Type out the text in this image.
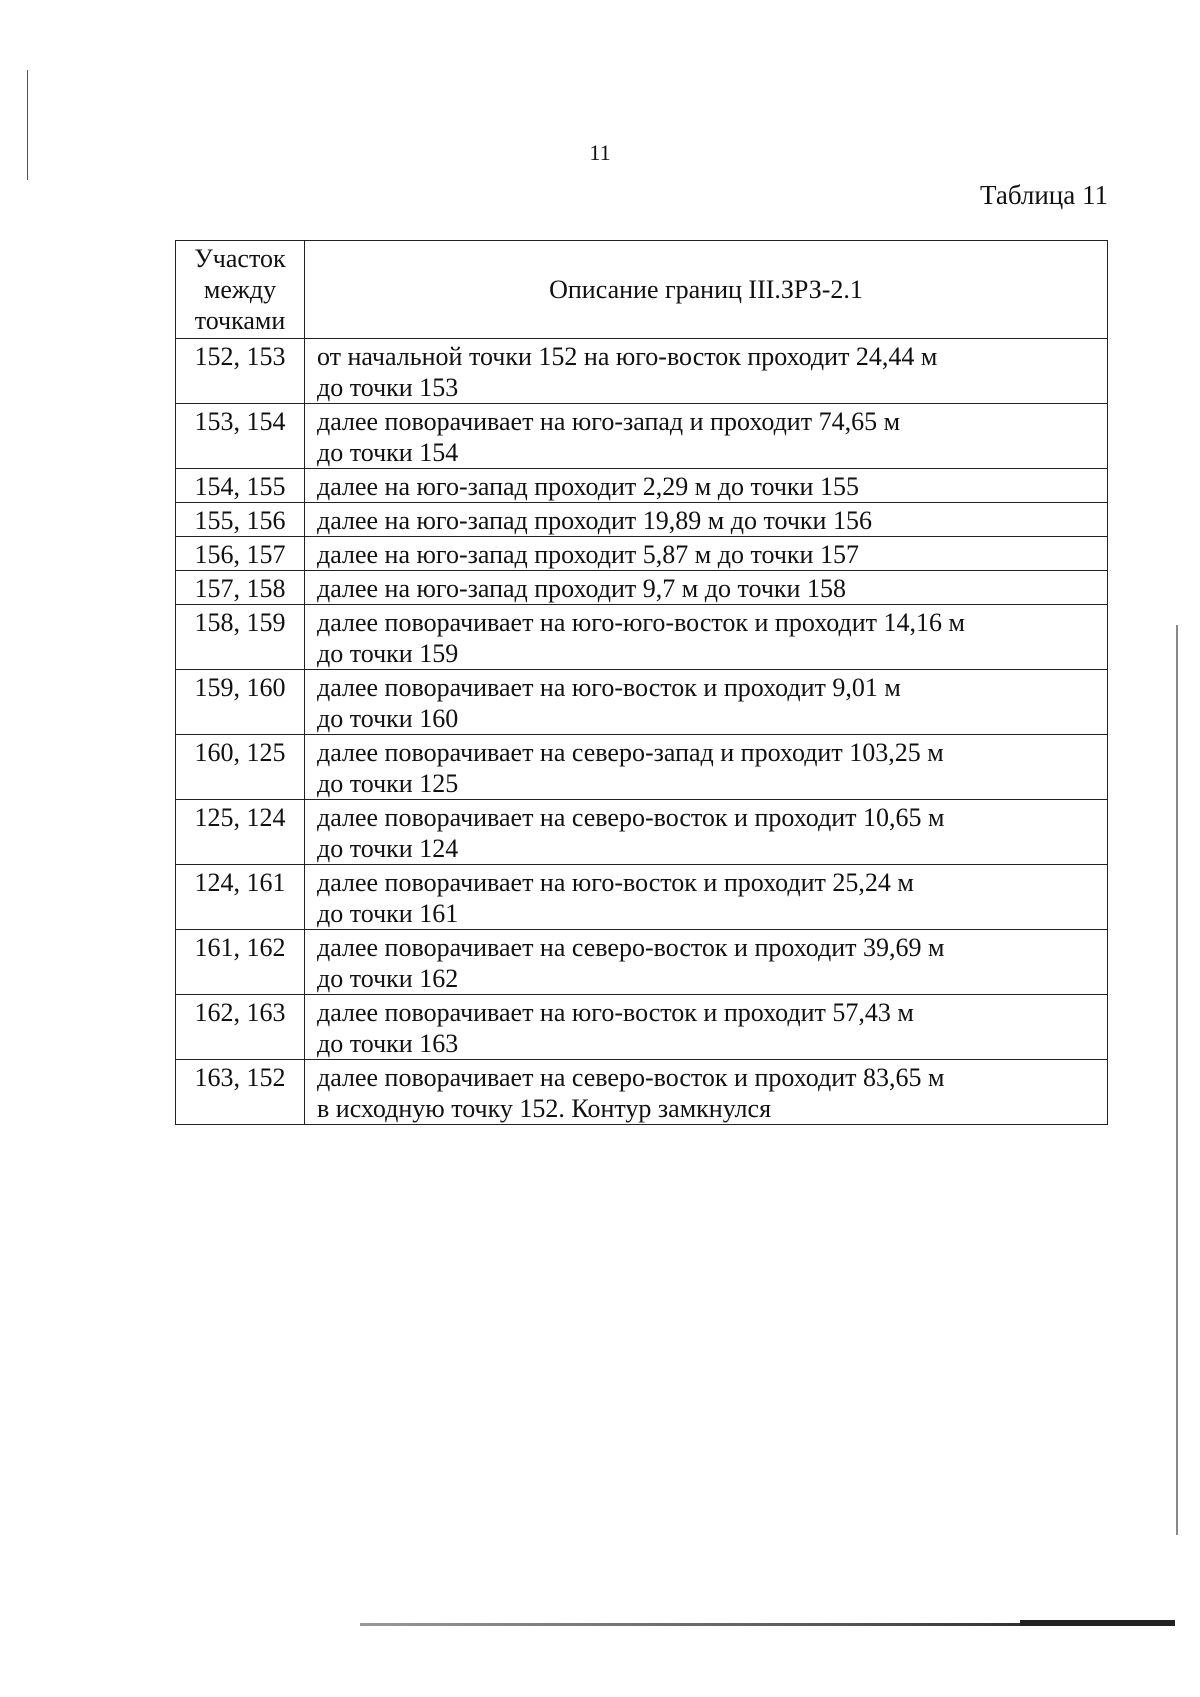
11
Таблица 11
Участок
между
точками	Описание границ III.ЗРЗ-2.1
152, 153	от начальной точки 152 на юго-восток проходит 24,44 м
до точки 153

153, 154	далее поворачивает на юго-запад и проходит 74,65 м
до точки 154

154, 155	далее на юго-запад проходит 2,29 м до точки 155

155, 156	далее на юго-запад проходит 19,89 м до точки 156

156, 157	далее на юго-запад проходит 5,87 м до точки 157

157, 158	далее на юго-запад проходит 9,7 м до точки 158

158, 159	далее поворачивает на юго-юго-восток и проходит 14,16 м
до точки 159

159, 160	далее поворачивает на юго-восток и проходит 9,01 м
до точки 160

160, 125	далее поворачивает на северо-запад и проходит 103,25 м
до точки 125

125, 124	далее поворачивает на северо-восток и проходит 10,65 м
до точки 124

124, 161	далее поворачивает на юго-восток и проходит 25,24 м
до точки 161

161, 162	далее поворачивает на северо-восток и проходит 39,69 м
до точки 162

162, 163	далее поворачивает на юго-восток и проходит 57,43 м
до точки 163

163, 152	далее поворачивает на северо-восток и проходит 83,65 м
в исходную точку 152. Контур замкнулся
